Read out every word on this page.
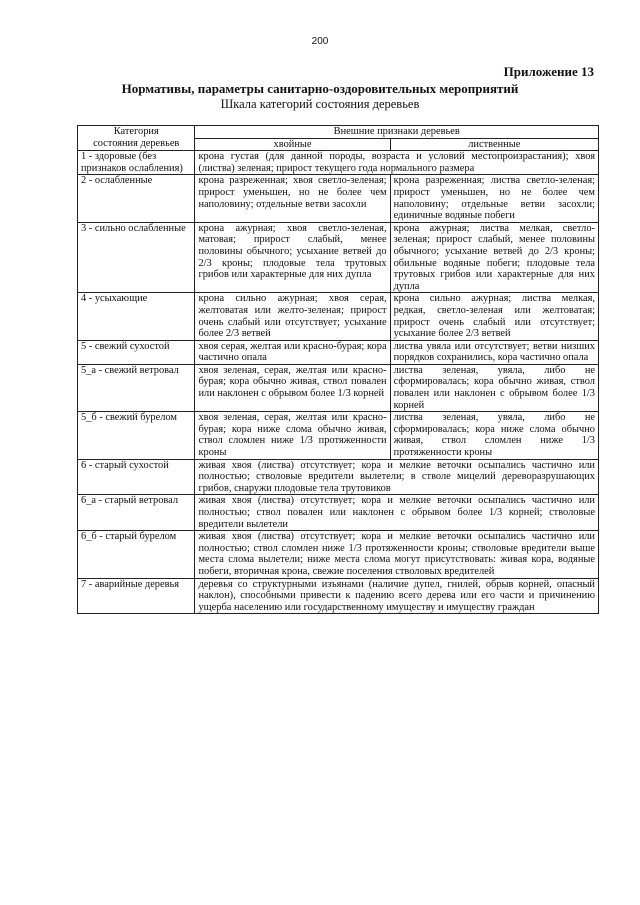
200
Приложение 13
Нормативы, параметры санитарно-оздоровительных мероприятий
Шкала категорий состояния деревьев
Категория
состояния деревьев	Внешние признаки деревьев	
	хвойные	лиственные
1 - здоровые (без признаков ослабления)	крона густая (для данной породы, возраста и условий местопроизрастания); хвоя (листва) зеленая; прирост текущего года нормального размера	
2 - ослабленные	крона разреженная; хвоя светло-зеленая; прирост уменьшен, но не более чем наполовину; отдельные ветви засохли	крона разреженная; листва светло-зеленая; прирост уменьшен, но не более чем наполовину; отдельные ветви засохли; единичные водяные побеги
3 - сильно ослабленные	крона ажурная; хвоя светло-зеленая, матовая; прирост слабый, менее половины обычного; усыхание ветвей до 2/3 кроны; плодовые тела трутовых грибов или характерные для них дупла	крона ажурная; листва мелкая, светло-зеленая; прирост слабый, менее половины обычного; усыхание ветвей до 2/3 кроны; обильные водяные побеги; плодовые тела трутовых грибов или характерные для них дупла
4 - усыхающие	крона сильно ажурная; хвоя серая, желтоватая или желто-зеленая; прирост очень слабый или отсутствует; усыхание более 2/3 ветвей	крона сильно ажурная; листва мелкая, редкая, светло-зеленая или желтоватая; прирост очень слабый или отсутствует; усыхание более 2/3 ветвей
5 - свежий сухостой	хвоя серая, желтая или красно-бурая; кора частично опала	листва увяла или отсутствует; ветви низших порядков сохранились, кора частично опала
5_а - свежий ветровал	хвоя зеленая, серая, желтая или красно-бурая; кора обычно живая, ствол повален или наклонен с обрывом более 1/3 корней	листва зеленая, увяла, либо не сформировалась; кора обычно живая, ствол повален или наклонен с обрывом более 1/3 корней
5_б - свежий бурелом	хвоя зеленая, серая, желтая или красно-бурая; кора ниже слома обычно живая, ствол сломлен ниже 1/3 протяженности кроны	листва зеленая, увяла, либо не сформировалась; кора ниже слома обычно живая, ствол сломлен ниже 1/3 протяженности кроны
6 - старый сухостой	живая хвоя (листва) отсутствует; кора и мелкие веточки осыпались частично или полностью; стволовые вредители вылетели; в стволе мицелий дереворазрушающих грибов, снаружи плодовые тела трутовиков	
6_а - старый ветровал	живая хвоя (листва) отсутствует; кора и мелкие веточки осыпались частично или полностью; ствол повален или наклонен с обрывом более 1/3 корней; стволовые вредители вылетели	
6_б - старый бурелом	живая хвоя (листва) отсутствует; кора и мелкие веточки осыпались частично или полностью; ствол сломлен ниже 1/3 протяженности кроны; стволовые вредители выше места слома вылетели; ниже места слома могут присутствовать: живая кора, водяные побеги, вторичная крона, свежие поселения стволовых вредителей	
7 - аварийные деревья	деревья со структурными изъянами (наличие дупел, гнилей, обрыв корней, опасный наклон), способными привести к падению всего дерева или его части и причинению ущерба населению или государственному имуществу и имуществу граждан	
